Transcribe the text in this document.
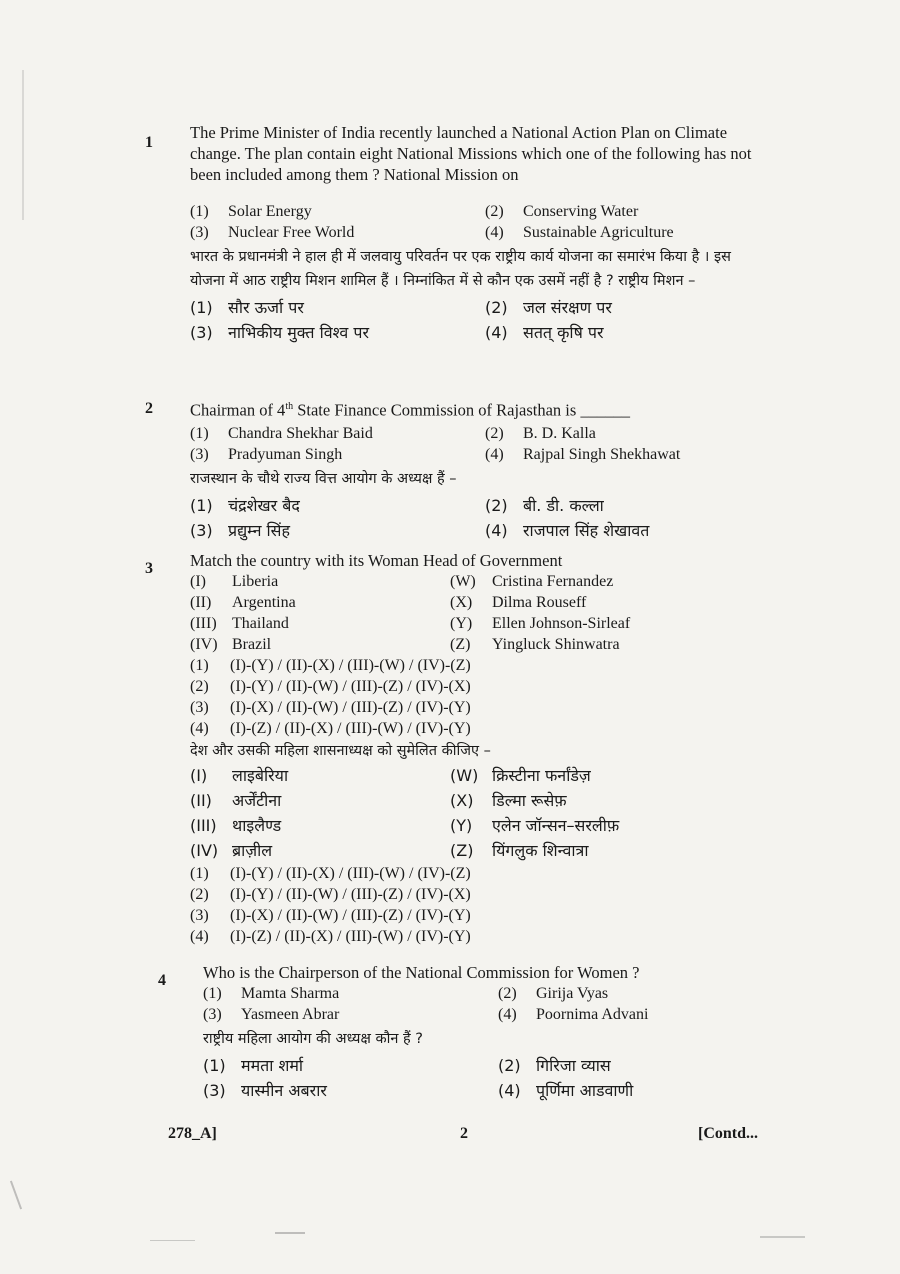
1

The Prime Minister of India recently launched a National Action Plan on Climate change. The plan contain eight National Missions which one of the following has not been included among them ? National Mission on

(1)	Solar Energy	(2)	Conserving Water
(3)	Nuclear Free World	(4)	Sustainable Agriculture

भारत के प्रधानमंत्री ने हाल ही में जलवायु परिवर्तन पर एक राष्ट्रीय कार्य योजना का समारंभ किया है । इस योजना में आठ राष्ट्रीय मिशन शामिल हैं । निम्नांकित में से कौन एक उसमें नहीं है ? राष्ट्रीय मिशन –

(1) सौर ऊर्जा पर	(2) जल संरक्षण पर
(3) नाभिकीय मुक्त विश्व पर	(4) सतत् कृषि पर
2	Chairman of 4th State Finance Commission of Rajasthan is ______

(1)	Chandra Shekhar Baid	(2)	B. D. Kalla
(3)	Pradyuman Singh	(4)	Rajpal Singh Shekhawat

राजस्थान के चौथे राज्य वित्त आयोग के अध्यक्ष हैं –

(1) चंद्रशेखर बैद	(2) बी. डी. कल्ला
(3) प्रद्युम्न सिंह	(4) राजपाल सिंह शेखावत
3	Match the country with its Woman Head of Government

(I)	Liberia	(W)	Cristina Fernandez
(II)	Argentina	(X)	Dilma Rouseff
(III) Thailand	(Y)	Ellen Johnson-Sirleaf
(IV) Brazil	(Z)	Yingluck Shinwatra
(1)	(I)-(Y) / (II)-(X) / (III)-(W) / (IV)-(Z)
(2)	(I)-(Y) / (II)-(W) / (III)-(Z) / (IV)-(X)
(3)	(I)-(X) / (II)-(W) / (III)-(Z) / (IV)-(Y)
(4)	(I)-(Z) / (II)-(X) / (III)-(W) / (IV)-(Y)

देश और उसकी महिला शासनाध्यक्ष को सुमेलित कीजिए –

(I)	लाइबेरिया	(W) क्रिस्टीना फर्नांडेज़
(II)	अर्जेंटीना	(X)	डिल्मा रूसेफ़
(III) थाइलैण्ड	(Y)	एलेन जॉन्सन–सरलीफ़
(IV) ब्राज़ील	(Z)	यिंगलुक शिन्वात्रा
(1)	(I)-(Y) / (II)-(X) / (III)-(W) / (IV)-(Z)
(2)	(I)-(Y) / (II)-(W) / (III)-(Z) / (IV)-(X)
(3)	(I)-(X) / (II)-(W) / (III)-(Z) / (IV)-(Y)
(4)	(I)-(Z) / (II)-(X) / (III)-(W) / (IV)-(Y)
4	Who is the Chairperson of the National Commission for Women ?

(1)	Mamta Sharma	(2)	Girija Vyas
(3)	Yasmeen Abrar	(4)	Poornima Advani

राष्ट्रीय महिला आयोग की अध्यक्ष कौन हैं ?

(1) ममता शर्मा	(2) गिरिजा व्यास
(3) यास्मीन अबरार	(4) पूर्णिमा आडवाणी
278_A]	2	[Contd...
